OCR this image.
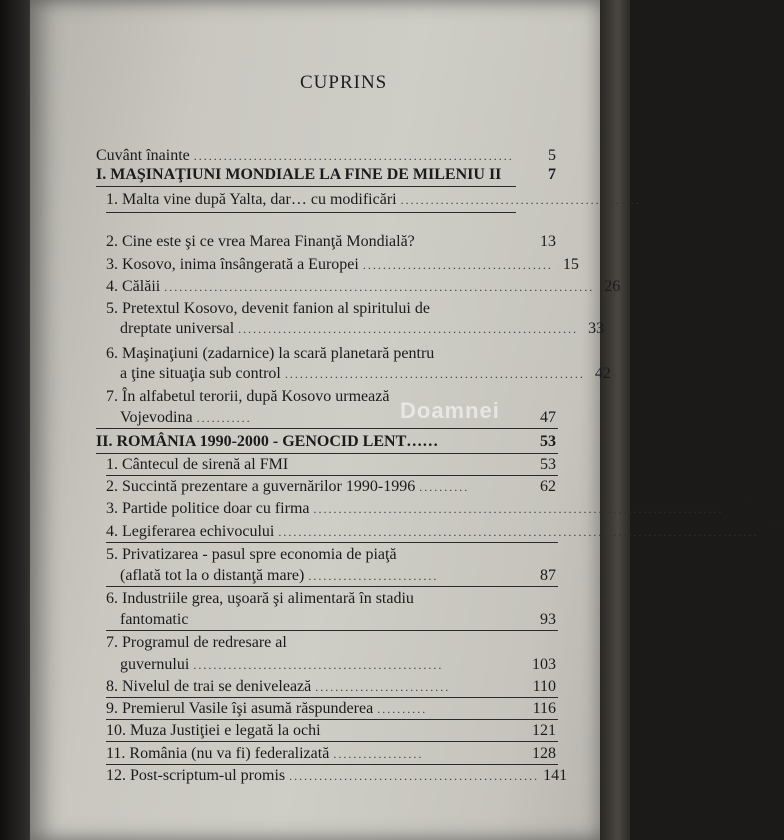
CUPRINS
Cuvânt înainte ................................................................	5
I. MAŞINAŢIUNI MONDIALE LA FINE DE MILENIU II	7
1. Malta vine după Yalta, dar… cu modificări ................................................	7
2. Cine este şi ce vrea Marea Finanţă Mondială?	13
3. Kosovo, inima însângerată a Europei ...................................... 15
4. Călăii ...................................................................................... 26
5. Pretextul Kosovo, devenit fanion al spiritului de
dreptate universal .................................................................... 33
6. Maşinaţiuni (zadarnice) la scară planetară pentru
a ţine situaţia sub control ............................................................ 42
7. În alfabetul terorii, după Kosovo urmează
Vojevodina ...........	47
II. ROMÂNIA 1990-2000 - GENOCID LENT……	53
1. Cântecul de sirenă al FMI	53
2. Succintă prezentare a guvernărilor 1990-1996 ..........	62
3. Partide politice doar cu firma .................................................................................. 65
4. Legiferarea echivocului ................................................................................................ 75
5. Privatizarea - pasul spre economia de piaţă
(aflată tot la o distanţă mare) ..........................	87
6. Industriile grea, uşoară şi alimentară în stadiu
fantomatic	93
7. Programul de redresare al
guvernului ..................................................	103
8. Nivelul de trai se denivelează ...........................	110
9. Premierul Vasile îşi asumă răspunderea ..........	116
10. Muza Justiţiei e legată la ochi	121
11. România (nu va fi) federalizată ..................	128
12. Post-scriptum-ul promis .................................................. 141
Doamnei
